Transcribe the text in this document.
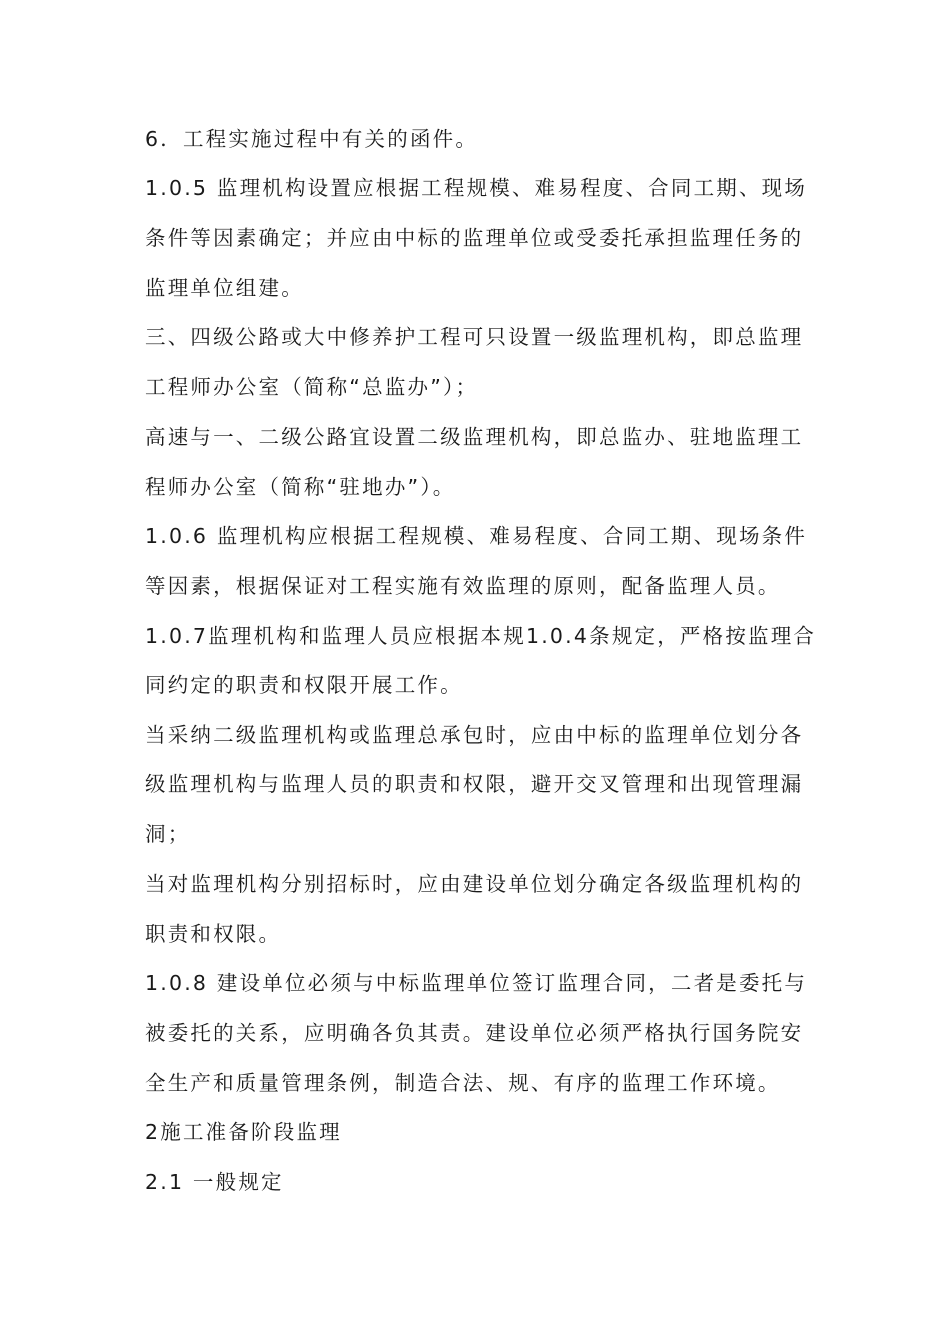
6．工程实施过程中有关的函件。

1.0.5 监理机构设置应根据工程规模、难易程度、合同工期、现场

条件等因素确定；并应由中标的监理单位或受委托承担监理任务的

监理单位组建。

三、四级公路或大中修养护工程可只设置一级监理机构，即总监理

工程师办公室（简称“总监办”）；

高速与一、二级公路宜设置二级监理机构，即总监办、驻地监理工

程师办公室（简称“驻地办”）。

1.0.6 监理机构应根据工程规模、难易程度、合同工期、现场条件

等因素，根据保证对工程实施有效监理的原则，配备监理人员。

1.0.7监理机构和监理人员应根据本规1.0.4条规定，严格按监理合

同约定的职责和权限开展工作。

当采纳二级监理机构或监理总承包时，应由中标的监理单位划分各

级监理机构与监理人员的职责和权限，避开交叉管理和出现管理漏

洞；

当对监理机构分别招标时，应由建设单位划分确定各级监理机构的

职责和权限。

1.0.8 建设单位必须与中标监理单位签订监理合同，二者是委托与

被委托的关系，应明确各负其责。建设单位必须严格执行国务院安

全生产和质量管理条例，制造合法、规、有序的监理工作环境。

2施工准备阶段监理

2.1 一般规定
